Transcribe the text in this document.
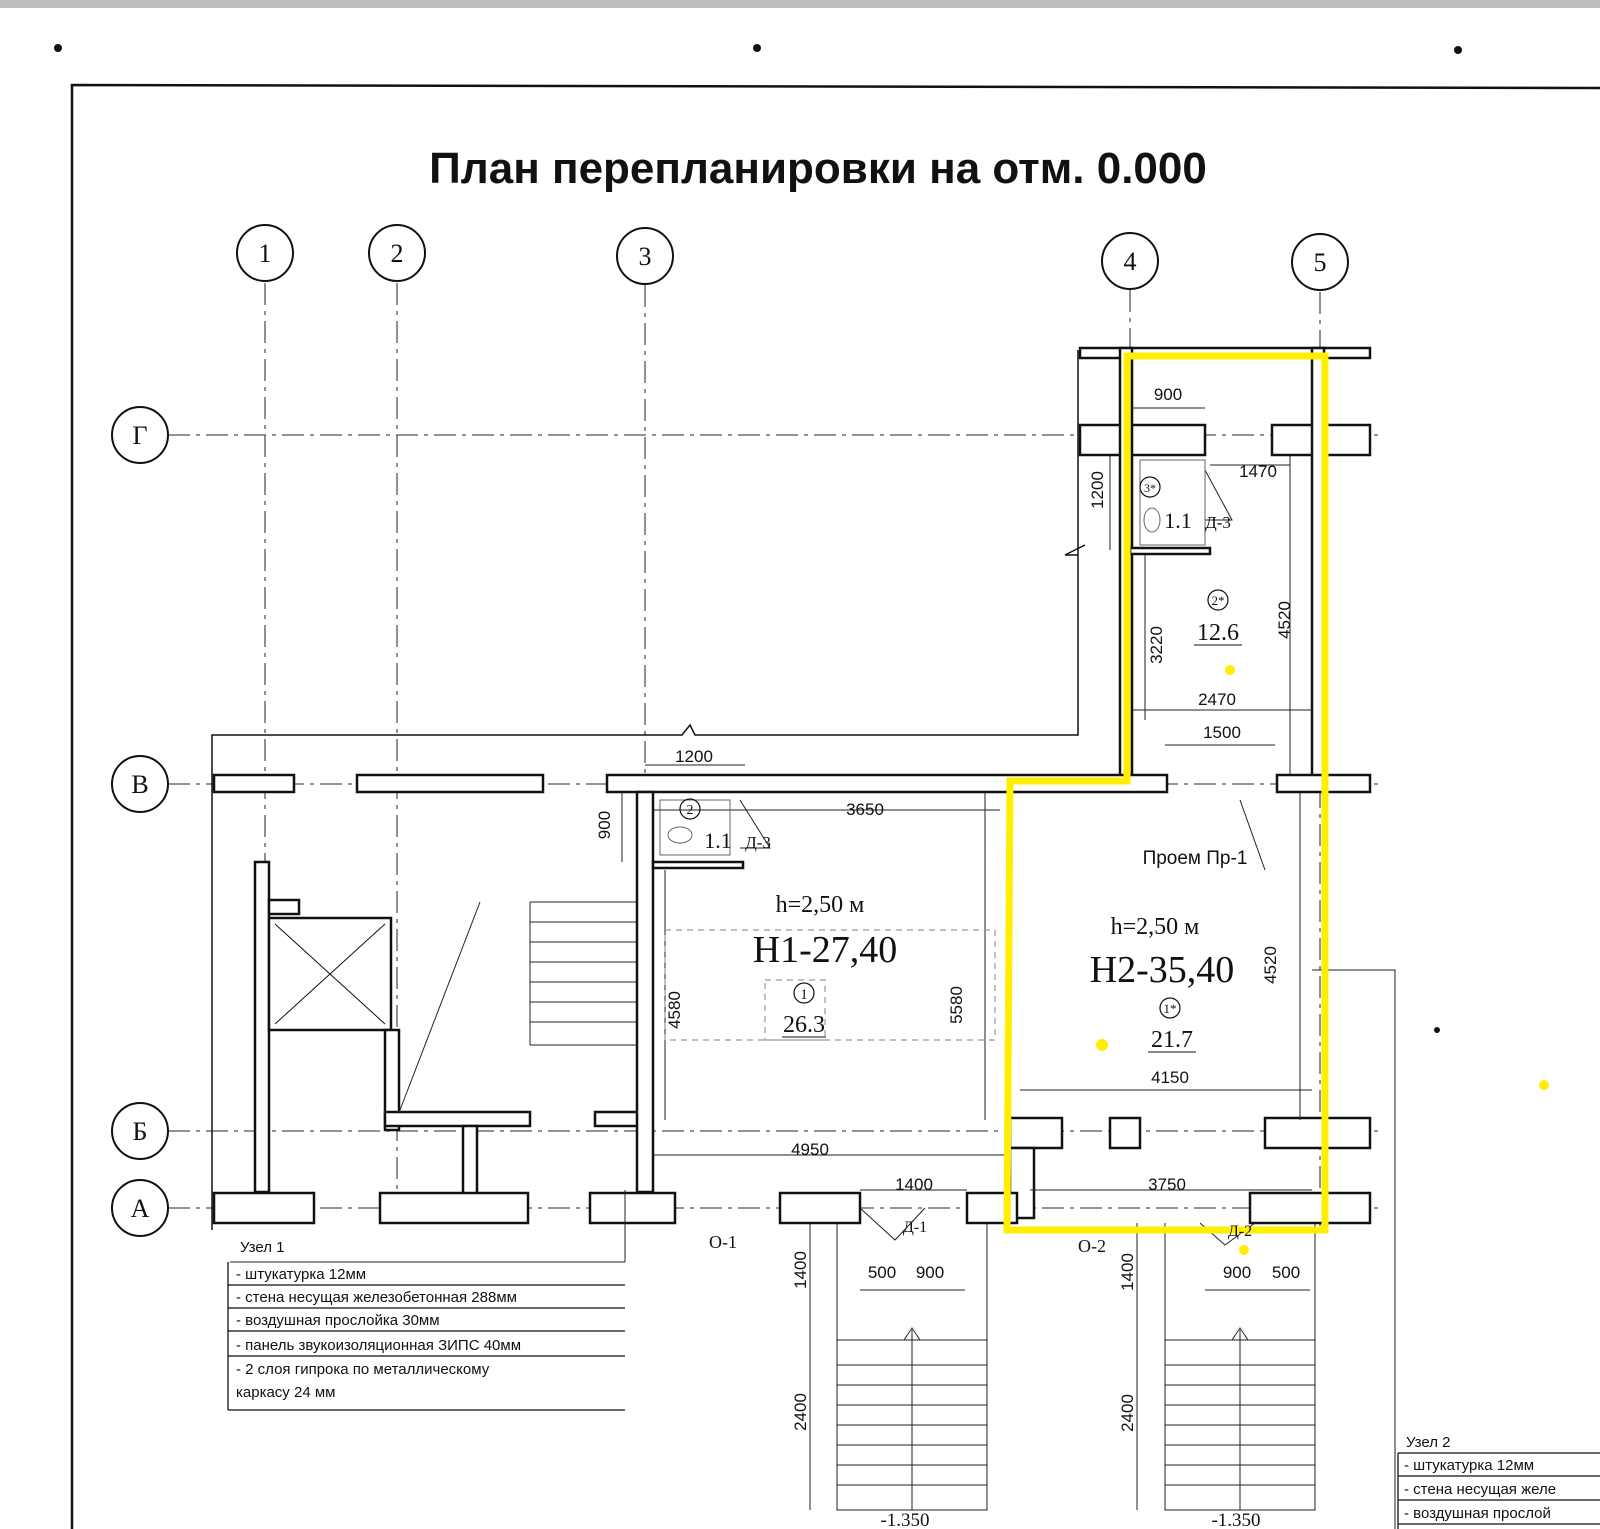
План перепланировки на отм. 0.000
1	2	3	4	5
Г
В
Б
А
900
1470
1200
3220
4520
2470
1500
1200
3650
900
4580	5580
4520
4150
4950
1400	3750
1400	1400
2400	2400
500 900	900 500
h=2,50 м
H1-27,40
1
26.3
h=2,50 м
H2-35,40
1*
21.7
2*
12.6
2
1.1 Д-3
3*
1.1 Д-3
Проем Пр-1
О-1	О-2
Д-1	Д-2
-1.350	-1.350
Узел 1
- штукатурка 12мм
- стена несущая железобетонная 288мм
- воздушная прослойка 30мм
- панель звукоизоляционная ЗИПС 40мм
- 2 слоя гипрока по металлическому
каркасу 24 мм
Узел 2
- штукатурка 12мм
- стена несущая желе
- воздушная прослой
